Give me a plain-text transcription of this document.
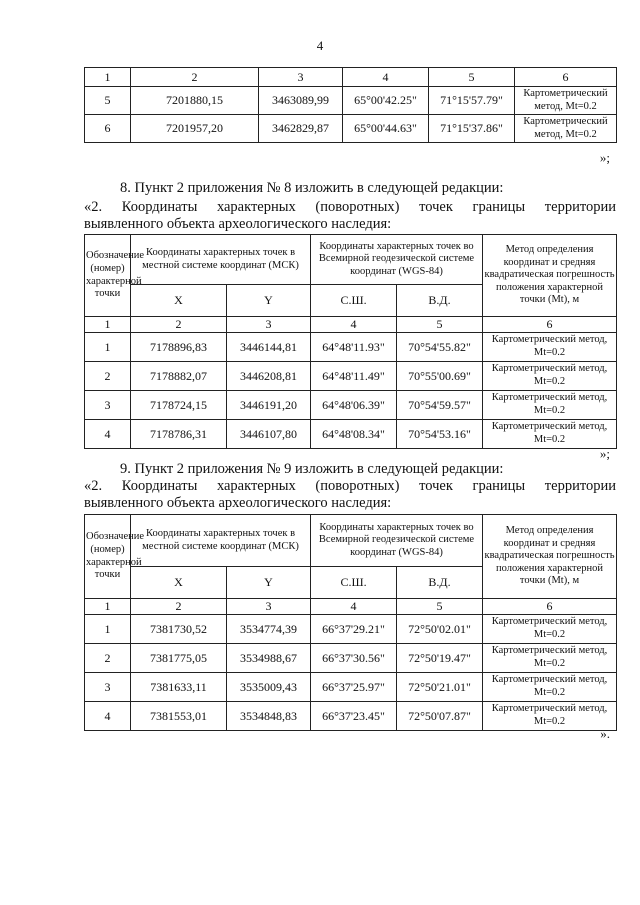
4
1	2	3	4	5	6
5	7201880,15	3463089,99	65°00'42.25"	71°15'57.79"	Картометрический метод, Mt=0.2
6	7201957,20	3462829,87	65°00'44.63"	71°15'37.86"	Картометрический метод, Mt=0.2
»;
8. Пункт 2 приложения № 8 изложить в следующей редакции:
«2. Координаты характерных (поворотных) точек границы территории
выявленного объекта археологического наследия:
Обозначение (номер) характерной точки	Координаты характерных точек в местной системе координат (МСК)		Координаты характерных точек во Всемирной геодезической системе координат (WGS-84)		Метод определения координат и средняя квадратическая погрешность положения характерной точки (Mt), м
	X	Y	С.Ш.	В.Д.	
1	2	3	4	5	6
1	7178896,83	3446144,81	64°48'11.93"	70°54'55.82"	Картометрический метод, Mt=0.2
2	7178882,07	3446208,81	64°48'11.49"	70°55'00.69"	Картометрический метод, Mt=0.2
3	7178724,15	3446191,20	64°48'06.39"	70°54'59.57"	Картометрический метод, Mt=0.2
4	7178786,31	3446107,80	64°48'08.34"	70°54'53.16"	Картометрический метод, Mt=0.2
»;
9. Пункт 2 приложения № 9 изложить в следующей редакции:
«2. Координаты характерных (поворотных) точек границы территории
выявленного объекта археологического наследия:
Обозначение (номер) характерной точки	Координаты характерных точек в местной системе координат (МСК)		Координаты характерных точек во Всемирной геодезической системе координат (WGS-84)		Метод определения координат и средняя квадратическая погрешность положения характерной точки (Mt), м
	X	Y	С.Ш.	В.Д.	
1	2	3	4	5	6
1	7381730,52	3534774,39	66°37'29.21"	72°50'02.01"	Картометрический метод, Mt=0.2
2	7381775,05	3534988,67	66°37'30.56"	72°50'19.47"	Картометрический метод, Mt=0.2
3	7381633,11	3535009,43	66°37'25.97"	72°50'21.01"	Картометрический метод, Mt=0.2
4	7381553,01	3534848,83	66°37'23.45"	72°50'07.87"	Картометрический метод, Mt=0.2
».
